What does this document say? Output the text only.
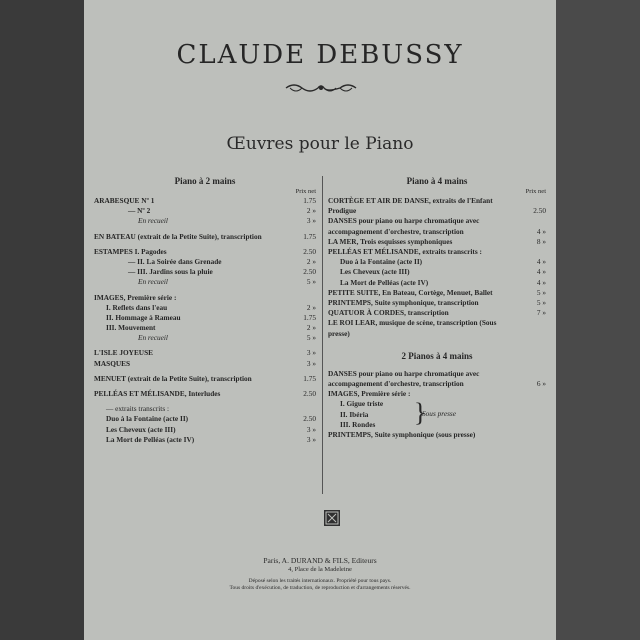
CLAUDE DEBUSSY
Œuvres pour le Piano
Piano à 2 mains
Prix net
ARABESQUE Nº 1	1.75
— Nº 2	2 »
En recueil	3 »
EN BATEAU (extrait de la Petite Suite), transcription	1.75
ESTAMPES I. Pagodes	2.50
— II. La Soirée dans Grenade	2 »
— III. Jardins sous la pluie	2.50
En recueil	5 »
IMAGES, Première série :
I. Reflets dans l'eau	2 »
II. Hommage à Rameau	1.75
III. Mouvement	2 »
En recueil	5 »
L'ISLE JOYEUSE	3 »
MASQUES	3 »
MENUET (extrait de la Petite Suite), transcription	1.75
PELLÉAS ET MÉLISANDE, Interludes	2.50
— extraits transcrits :
Duo à la Fontaine (acte II)	2.50
Les Cheveux (acte III)	3 »
La Mort de Pelléas (acte IV)	3 »
Piano à 4 mains
Prix net
CORTÈGE ET AIR DE DANSE, extraits de l'Enfant Prodigue	2.50
DANSES pour piano ou harpe chromatique avec accompagnement d'orchestre, transcription	4 »
LA MER, Trois esquisses symphoniques	8 »
PELLÉAS ET MÉLISANDE, extraits transcrits :
Duo à la Fontaine (acte II)	4 »
Les Cheveux (acte III)	4 »
La Mort de Pelléas (acte IV)	4 »
PETITE SUITE, En Bateau, Cortège, Menuet, Ballet	5 »
PRINTEMPS, Suite symphonique, transcription	5 »
QUATUOR À CORDES, transcription	7 »
LE ROI LEAR, musique de scène, transcription (Sous presse)
2 Pianos à 4 mains
DANSES pour piano ou harpe chromatique avec accompagnement d'orchestre, transcription	6 »
IMAGES, Première série :
I. Gigue triste
II. Ibéria
III. Rondes	}
Sous presse
PRINTEMPS, Suite symphonique (sous presse)
Paris, A. DURAND & FILS, Editeurs
4, Place de la Madeleine
Déposé selon les traités internationaux. Propriété pour tous pays.
Tous droits d'exécution, de traduction, de reproduction et d'arrangements réservés.
